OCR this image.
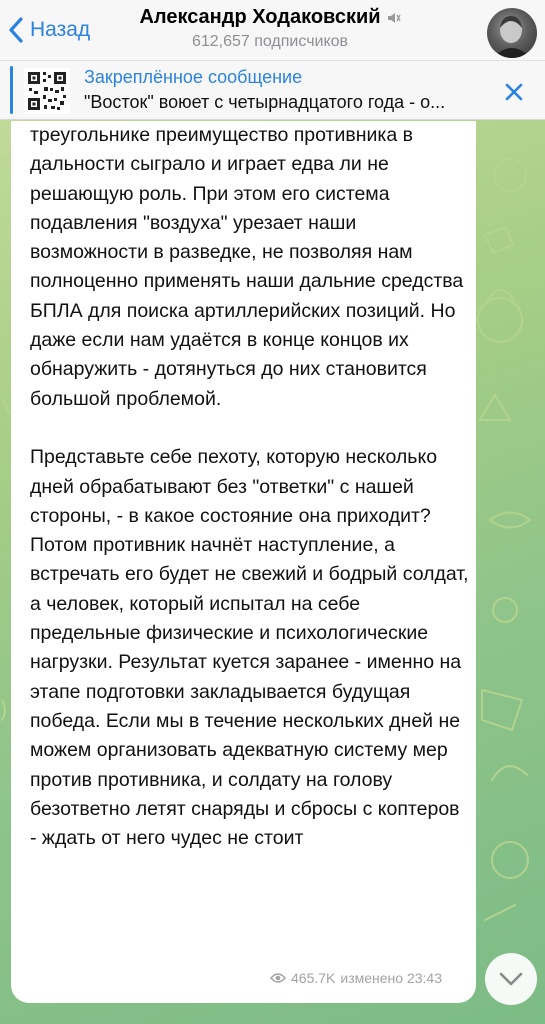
Назад
Александр Ходаковский
612,657 подписчиков
Закреплённое сообщение
"Восток" воюет с четырнадцатого года - о...

треугольнике преимущество противника в дальности сыграло и играет едва ли не решающую роль. При этом его система подавления "воздуха" урезает наши возможности в разведке, не позволяя нам полноценно применять наши дальние средства БПЛА для поиска артиллерийских позиций. Но даже если нам удаётся в конце концов их обнаружить - дотянуться до них становится большой проблемой.

Представьте себе пехоту, которую несколько дней обрабатывают без "ответки" с нашей стороны, - в какое состояние она приходит? Потом противник начнёт наступление, а встречать его будет не свежий и бодрый солдат, а человек, который испытал на себе предельные физические и психологические нагрузки. Результат куется заранее - именно на этапе подготовки закладывается будущая победа. Если мы в течение нескольких дней не можем организовать адекватную систему мер против противника, и солдату на голову безответно летят снаряды и сбросы с коптеров - ждать от него чудес не стоит

465.7K изменено 23:43
